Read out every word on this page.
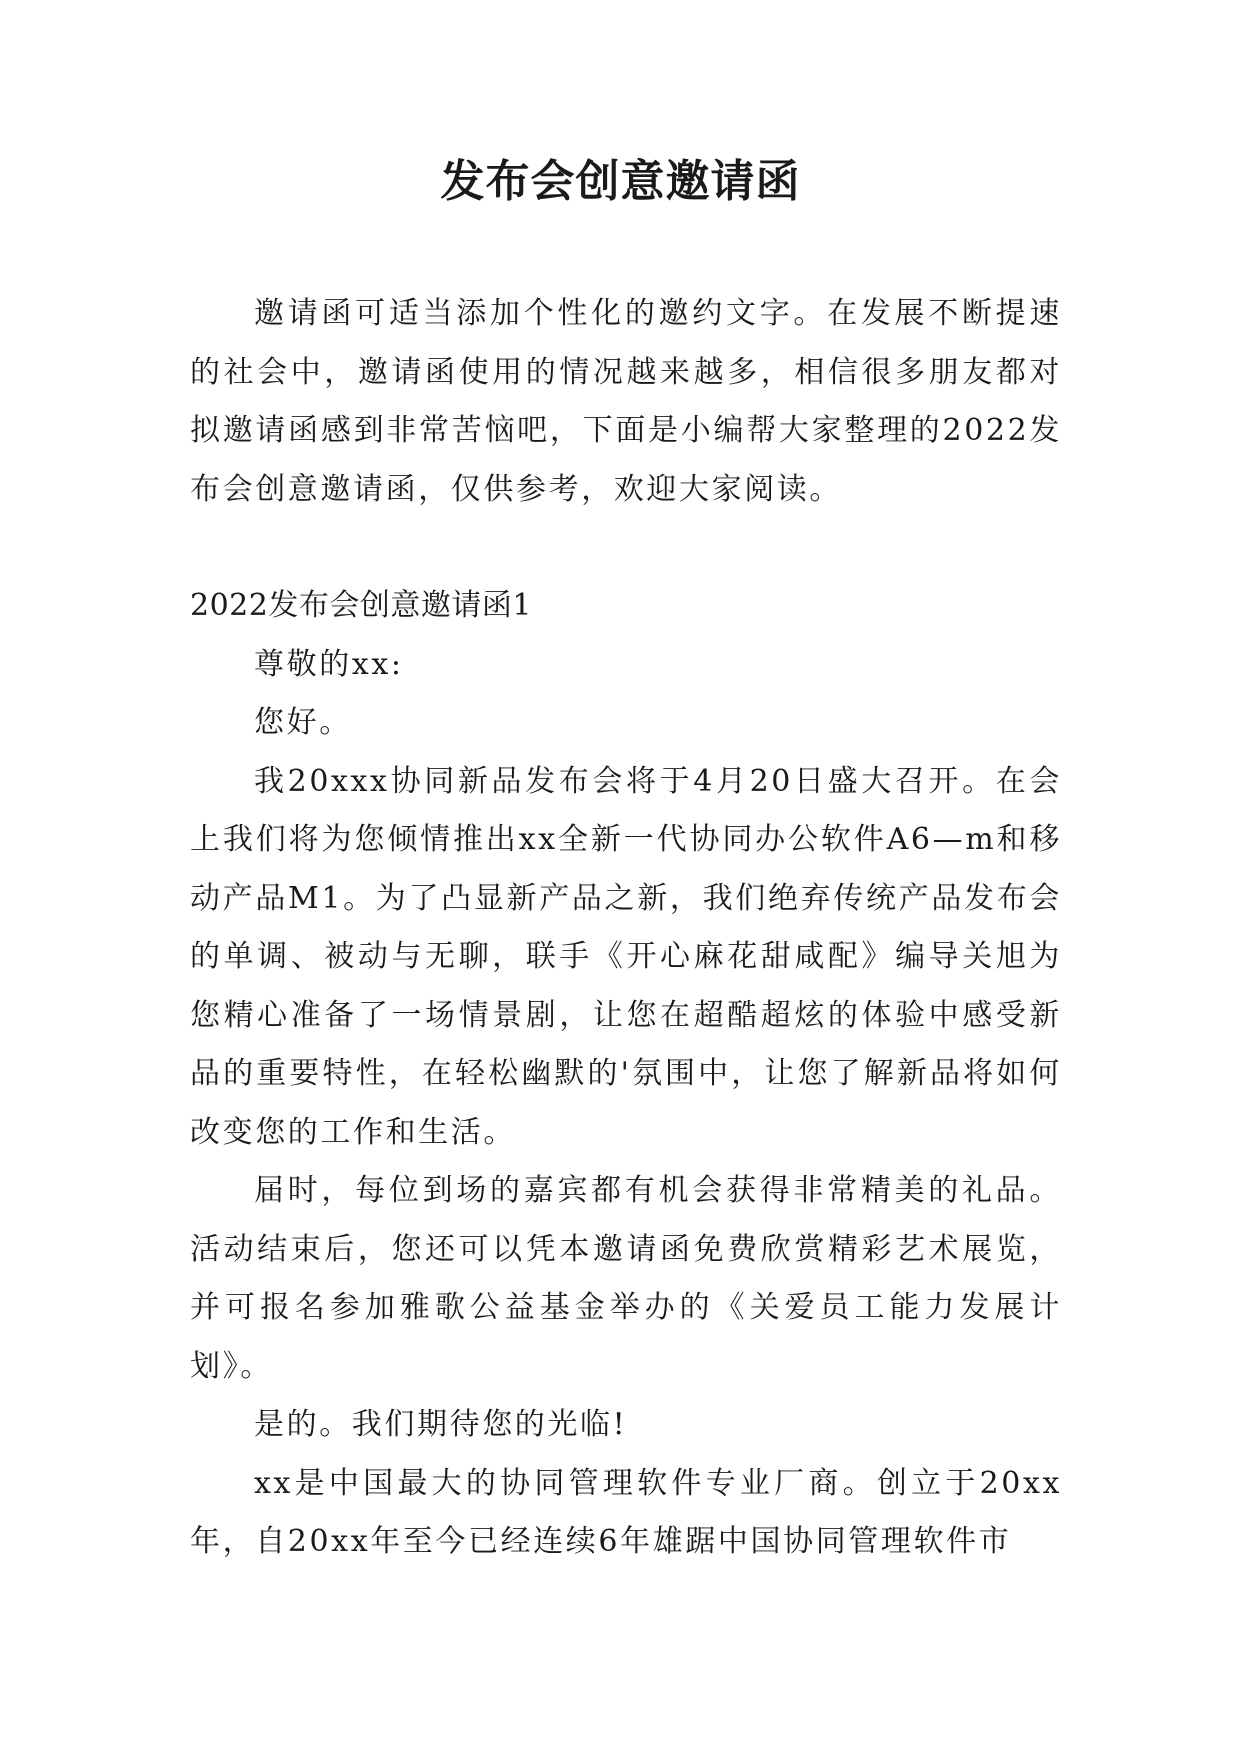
发布会创意邀请函

邀请函可适当添加个性化的邀约文字。在发展不断提速的社会中，邀请函使用的情况越来越多，相信很多朋友都对拟邀请函感到非常苦恼吧，下面是小编帮大家整理的2022发布会创意邀请函，仅供参考，欢迎大家阅读。

2022发布会创意邀请函1

尊敬的xx:

您好。

我20xxx协同新品发布会将于4月20日盛大召开。在会上我们将为您倾情推出xx全新一代协同办公软件A6—m和移动产品M1。为了凸显新产品之新，我们绝弃传统产品发布会的单调、被动与无聊，联手《开心麻花甜咸配》编导关旭为您精心准备了一场情景剧，让您在超酷超炫的体验中感受新品的重要特性，在轻松幽默的'氛围中，让您了解新品将如何改变您的工作和生活。

届时，每位到场的嘉宾都有机会获得非常精美的礼品。活动结束后，您还可以凭本邀请函免费欣赏精彩艺术展览，并可报名参加雅歌公益基金举办的《关爱员工能力发展计划》。

是的。我们期待您的光临!

xx是中国最大的协同管理软件专业厂商。创立于20xx年，自20xx年至今已经连续6年雄踞中国协同管理软件市
